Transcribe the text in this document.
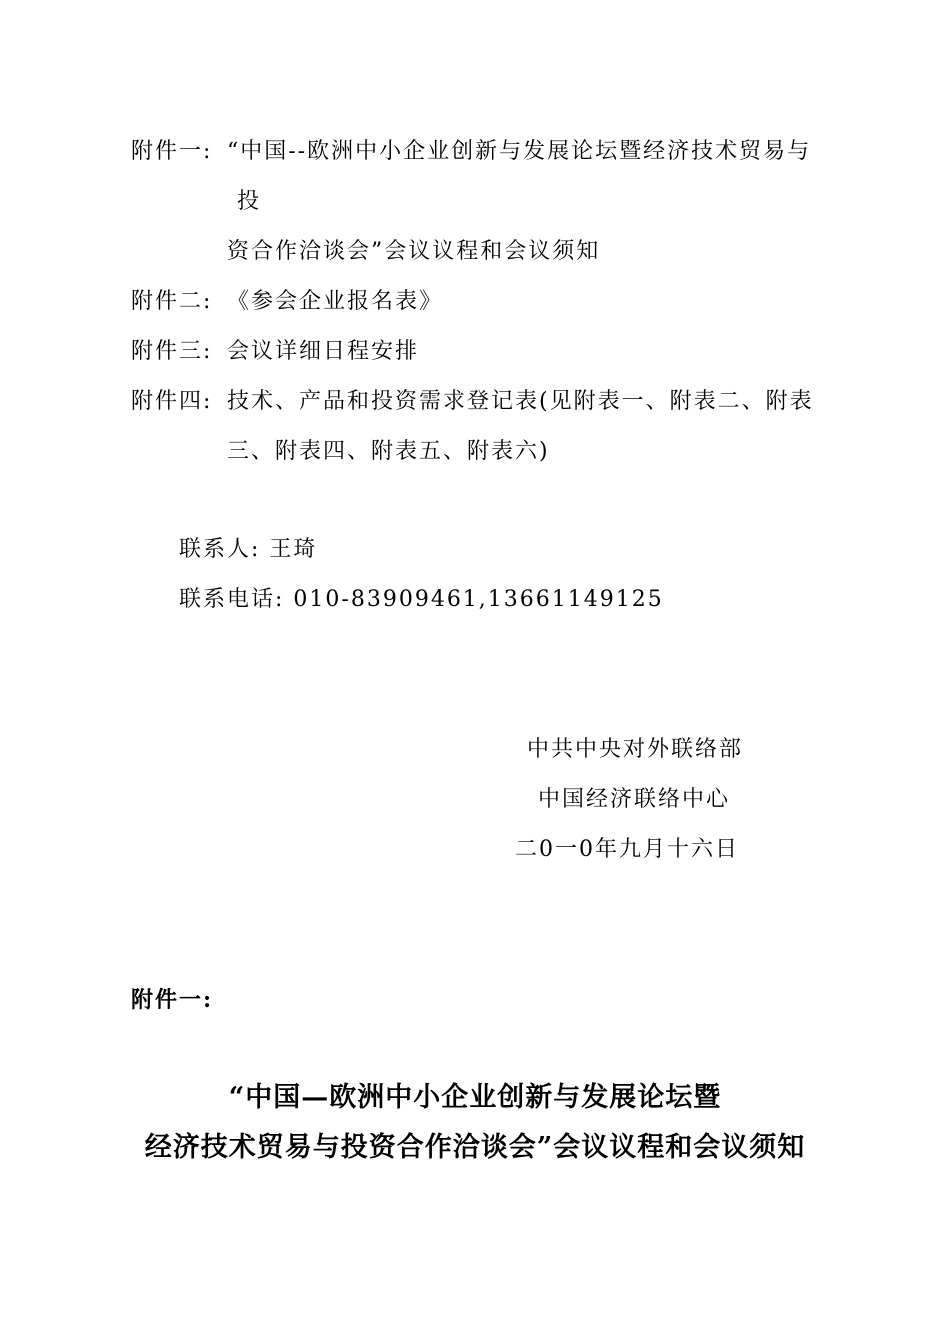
附件一: “中国--欧洲中小企业创新与发展论坛暨经济技术贸易与
投
资合作洽谈会”会议议程和会议须知
附件二: 《参会企业报名表》
附件三: 会议详细日程安排
附件四: 技术、产品和投资需求登记表(见附表一、附表二、附表
三、附表四、附表五、附表六)
联系人: 王琦
联系电话: 010-83909461,13661149125
中共中央对外联络部
中国经济联络中心
二0一0年九月十六日
附件一:
“中国—欧洲中小企业创新与发展论坛暨
经济技术贸易与投资合作洽谈会”会议议程和会议须知
